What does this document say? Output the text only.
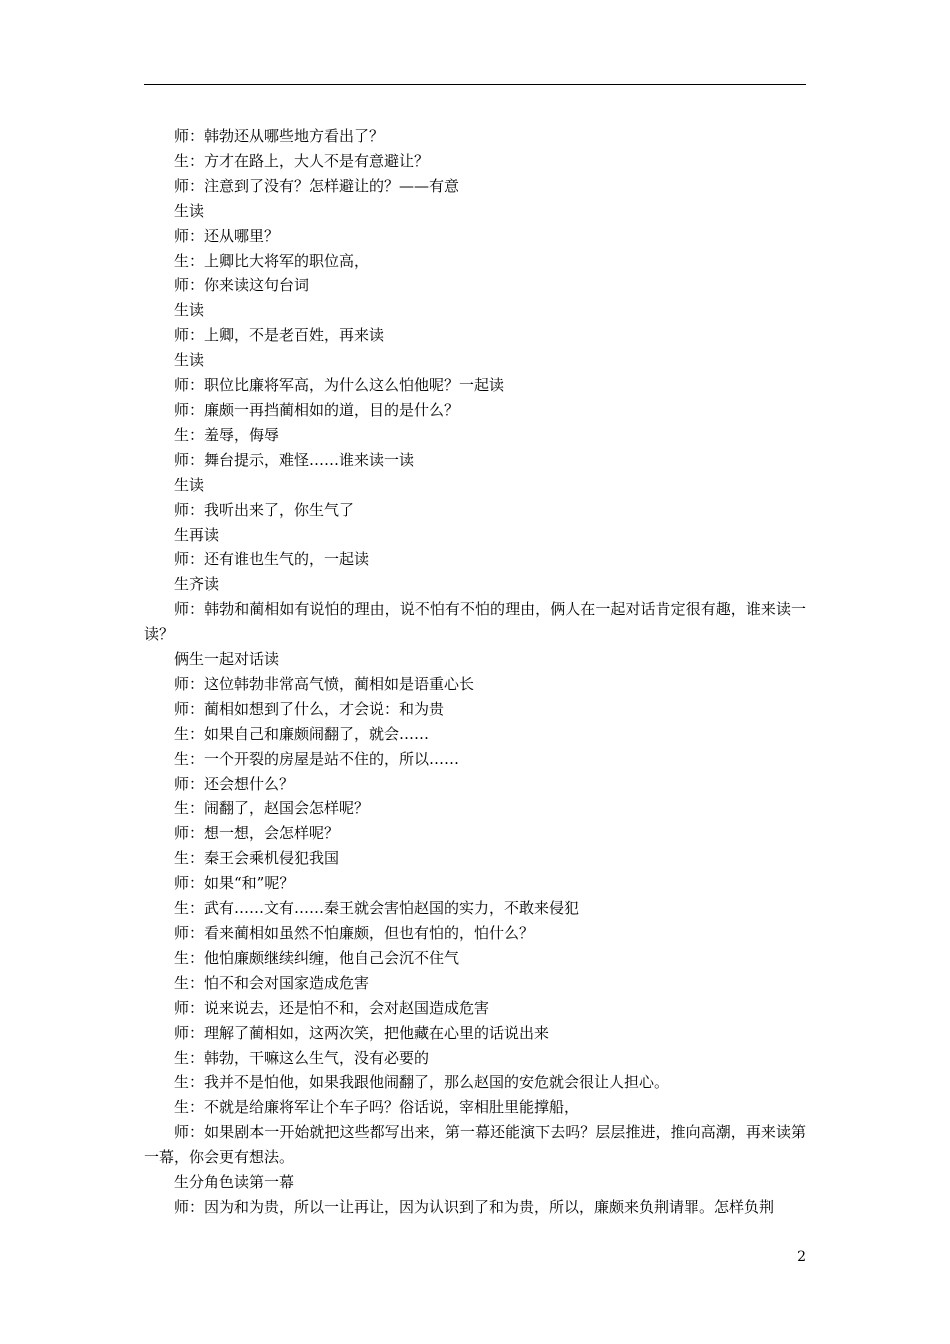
师：韩勃还从哪些地方看出了？

生：方才在路上，大人不是有意避让？

师：注意到了没有？怎样避让的？——有意

生读

师：还从哪里？

生：上卿比大将军的职位高，

师：你来读这句台词

生读

师：上卿，不是老百姓，再来读

生读

师：职位比廉将军高，为什么这么怕他呢？一起读

师：廉颇一再挡蔺相如的道，目的是什么？

生：羞辱，侮辱

师：舞台提示，难怪……谁来读一读

生读

师：我听出来了，你生气了

生再读

师：还有谁也生气的，一起读

生齐读

师：韩勃和蔺相如有说怕的理由，说不怕有不怕的理由，俩人在一起对话肯定很有趣，谁来读一读？

俩生一起对话读

师：这位韩勃非常高气愤，蔺相如是语重心长

师：蔺相如想到了什么，才会说：和为贵

生：如果自己和廉颇闹翻了，就会……

生：一个开裂的房屋是站不住的，所以……

师：还会想什么？

生：闹翻了，赵国会怎样呢？

师：想一想，会怎样呢？

生：秦王会乘机侵犯我国

师：如果“和”呢？

生：武有……文有……秦王就会害怕赵国的实力，不敢来侵犯

师：看来蔺相如虽然不怕廉颇，但也有怕的，怕什么？

生：他怕廉颇继续纠缠，他自己会沉不住气

生：怕不和会对国家造成危害

师：说来说去，还是怕不和，会对赵国造成危害

师：理解了蔺相如，这两次笑，把他藏在心里的话说出来

生：韩勃，干嘛这么生气，没有必要的

生：我并不是怕他，如果我跟他闹翻了，那么赵国的安危就会很让人担心。

生：不就是给廉将军让个车子吗？俗话说，宰相肚里能撑船，

师：如果剧本一开始就把这些都写出来，第一幕还能演下去吗？层层推进，推向高潮，再来读第一幕，你会更有想法。

生分角色读第一幕

师：因为和为贵，所以一让再让，因为认识到了和为贵，所以，廉颇来负荆请罪。怎样负荆

2
